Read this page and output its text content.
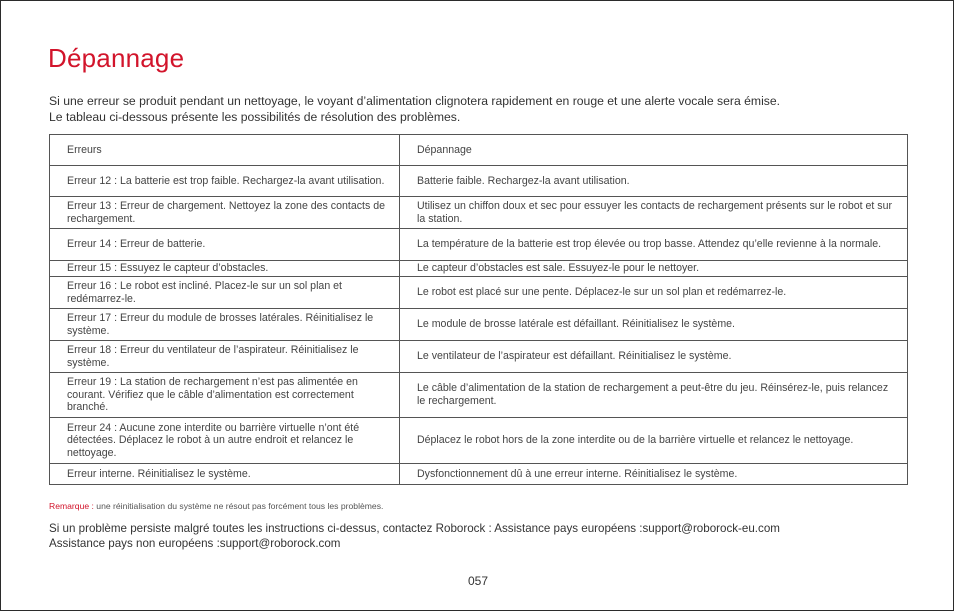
Dépannage
Si une erreur se produit pendant un nettoyage, le voyant d’alimentation clignotera rapidement en rouge et une alerte vocale sera émise.
Le tableau ci-dessous présente les possibilités de résolution des problèmes.
Erreurs	Dépannage
Erreur 12 : La batterie est trop faible. Rechargez-la avant utilisation.	Batterie faible. Rechargez-la avant utilisation.
Erreur 13 : Erreur de chargement. Nettoyez la zone des contacts de rechargement.	Utilisez un chiffon doux et sec pour essuyer les contacts de rechargement présents sur le robot et sur la station.
Erreur 14 : Erreur de batterie.	La température de la batterie est trop élevée ou trop basse. Attendez qu’elle revienne à la normale.
Erreur 15 : Essuyez le capteur d’obstacles.	Le capteur d’obstacles est sale. Essuyez-le pour le nettoyer.
Erreur 16 : Le robot est incliné. Placez-le sur un sol plan et redémarrez-le.	Le robot est placé sur une pente. Déplacez-le sur un sol plan et redémarrez-le.
Erreur 17 : Erreur du module de brosses latérales. Réinitialisez le système.	Le module de brosse latérale est défaillant. Réinitialisez le système.
Erreur 18 : Erreur du ventilateur de l’aspirateur. Réinitialisez le système.	Le ventilateur de l’aspirateur est défaillant. Réinitialisez le système.
Erreur 19 : La station de rechargement n’est pas alimentée en courant. Vérifiez que le câble d’alimentation est correctement branché.	Le câble d’alimentation de la station de rechargement a peut-être du jeu. Réinsérez-le, puis relancez le rechargement.
Erreur 24 : Aucune zone interdite ou barrière virtuelle n’ont été détectées. Déplacez le robot à un autre endroit et relancez le nettoyage.	Déplacez le robot hors de la zone interdite ou de la barrière virtuelle et relancez le nettoyage.
Erreur interne. Réinitialisez le système.	Dysfonctionnement dû à une erreur interne. Réinitialisez le système.
Remarque : une réinitialisation du système ne résout pas forcément tous les problèmes.
Si un problème persiste malgré toutes les instructions ci-dessus, contactez Roborock : Assistance pays européens :support@roborock-eu.com
Assistance pays non européens :support@roborock.com
057
